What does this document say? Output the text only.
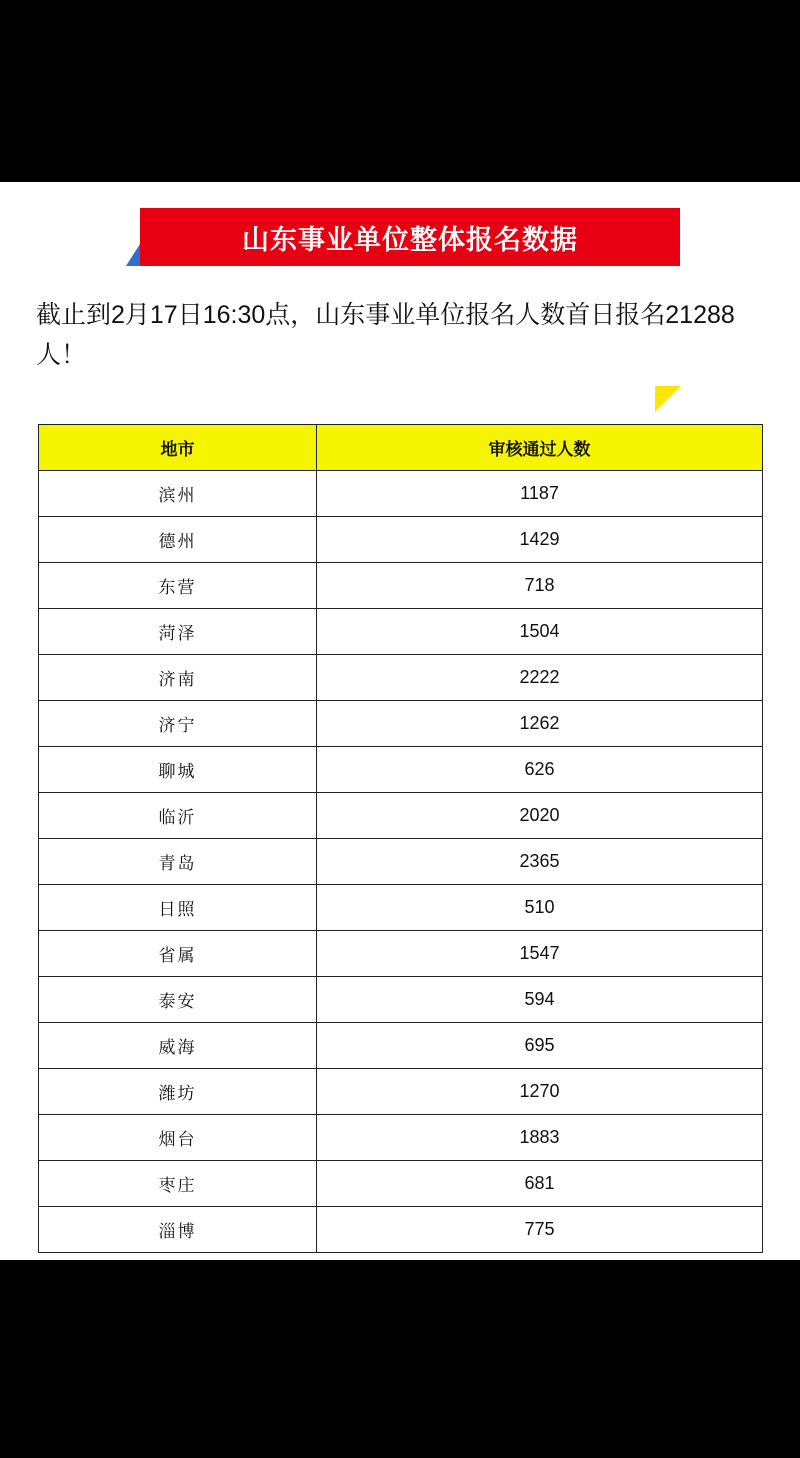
山东事业单位整体报名数据
截止到2月17日16:30点，山东事业单位报名人数首日报名21288人！
地市	审核通过人数
滨州	1187
德州	1429
东营	718
菏泽	1504
济南	2222
济宁	1262
聊城	626
临沂	2020
青岛	2365
日照	510
省属	1547
泰安	594
威海	695
潍坊	1270
烟台	1883
枣庄	681
淄博	775
